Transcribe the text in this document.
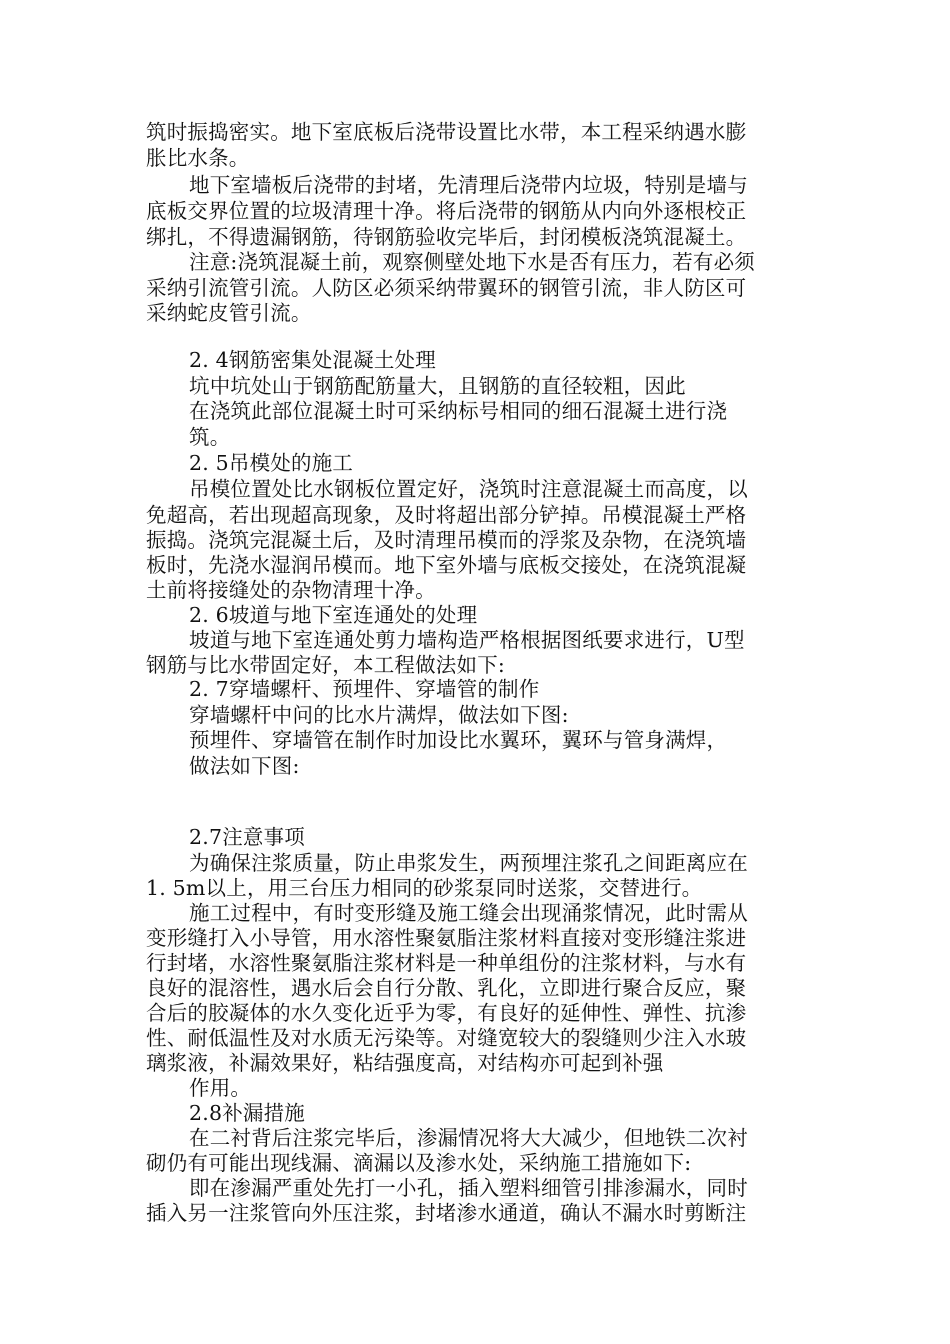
筑时振捣密实。地下室底板后浇带设置比水带，本工程采纳遇水膨
胀比水条。
地下室墙板后浇带的封堵，先清理后浇带内垃圾，特别是墙与
底板交界位置的垃圾清理十净。将后浇带的钢筋从内向外逐根校正
绑扎，不得遗漏钢筋，待钢筋验收完毕后，封闭模板浇筑混凝土。
注意:浇筑混凝土前，观察侧壁处地下水是否有压力，若有必须
采纳引流管引流。人防区必须采纳带翼环的钢管引流，非人防区可
采纳蛇皮管引流。
2. 4钢筋密集处混凝土处理
坑中坑处山于钢筋配筋量大，且钢筋的直径较粗，因此
在浇筑此部位混凝土时可采纳标号相同的细石混凝土进行浇
筑。
2. 5吊模处的施工
吊模位置处比水钢板位置定好，浇筑时注意混凝土而高度，以
免超高，若出现超高现象，及时将超出部分铲掉。吊模混凝土严格
振捣。浇筑完混凝土后，及时清理吊模而的浮浆及杂物，在浇筑墙
板时，先浇水湿润吊模而。地下室外墙与底板交接处，在浇筑混凝
土前将接缝处的杂物清理十净。
2. 6坡道与地下室连通处的处理
坡道与地下室连通处剪力墙构造严格根据图纸要求进行，U型
钢筋与比水带固定好，本工程做法如下:
2. 7穿墙螺杆、预埋件、穿墙管的制作
穿墙螺杆中问的比水片满焊，做法如下图:
预埋件、穿墙管在制作时加设比水翼环，翼环与管身满焊，
做法如下图:
2.7注意事项
为确保注浆质量，防止串浆发生，两预埋注浆孔之间距离应在
1. 5m以上，用三台压力相同的砂浆泵同时送浆，交替进行。
施工过程中，有时变形缝及施工缝会出现涌浆情况，此时需从
变形缝打入小导管，用水溶性聚氨脂注浆材料直接对变形缝注浆进
行封堵，水溶性聚氨脂注浆材料是一种单组份的注浆材料，与水有
良好的混溶性，遇水后会自行分散、乳化，立即进行聚合反应，聚
合后的胶凝体的水久变化近乎为零，有良好的延伸性、弹性、抗渗
性、耐低温性及对水质无污染等。对缝宽较大的裂缝则少注入水玻
璃浆液，补漏效果好，粘结强度高，对结构亦可起到补强
作用。
2.8补漏措施
在二衬背后注浆完毕后，渗漏情况将大大减少，但地铁二次衬
砌仍有可能出现线漏、滴漏以及渗水处，采纳施工措施如下:
即在渗漏严重处先打一小孔，插入塑料细管引排渗漏水，同时
插入另一注浆管向外压注浆，封堵渗水通道，确认不漏水时剪断注
